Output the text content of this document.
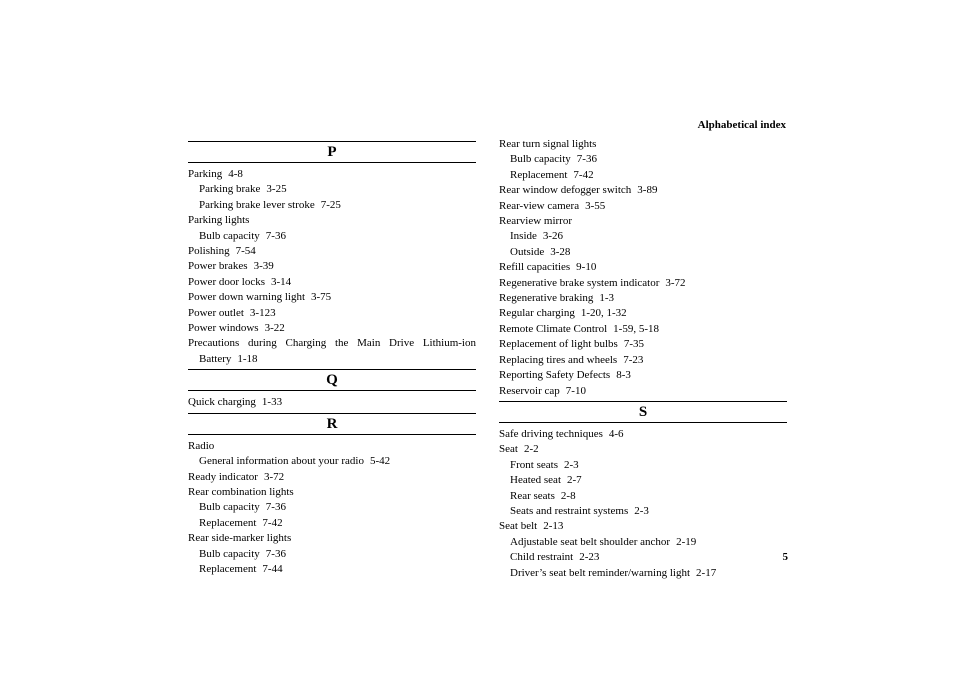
Alphabetical index
P
Parking 4-8
Parking brake 3-25
Parking brake lever stroke 7-25
Parking lights
Bulb capacity 7-36
Polishing 7-54
Power brakes 3-39
Power door locks 3-14
Power down warning light 3-75
Power outlet 3-123
Power windows 3-22
Precautions during Charging the Main Drive Lithium-ion
Battery 1-18
Q
Quick charging 1-33
R
Radio
General information about your radio 5-42
Ready indicator 3-72
Rear combination lights
Bulb capacity 7-36
Replacement 7-42
Rear side-marker lights
Bulb capacity 7-36
Replacement 7-44
Rear turn signal lights
Bulb capacity 7-36
Replacement 7-42
Rear window defogger switch 3-89
Rear-view camera 3-55
Rearview mirror
Inside 3-26
Outside 3-28
Refill capacities 9-10
Regenerative brake system indicator 3-72
Regenerative braking 1-3
Regular charging 1-20, 1-32
Remote Climate Control 1-59, 5-18
Replacement of light bulbs 7-35
Replacing tires and wheels 7-23
Reporting Safety Defects 8-3
Reservoir cap 7-10
S
Safe driving techniques 4-6
Seat 2-2
Front seats 2-3
Heated seat 2-7
Rear seats 2-8
Seats and restraint systems 2-3
Seat belt 2-13
Adjustable seat belt shoulder anchor 2-19
Child restraint 2-23
Driver’s seat belt reminder/warning light 2-17
5
